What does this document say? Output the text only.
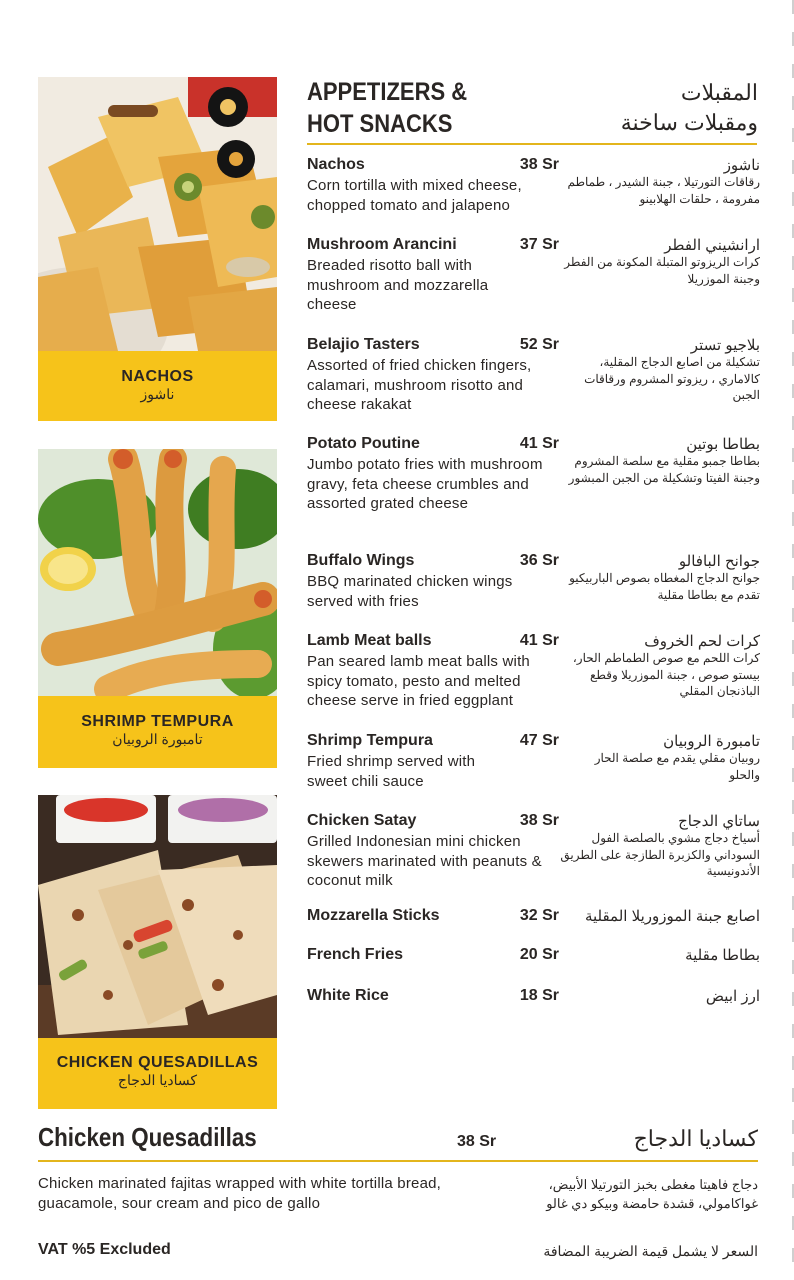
NACHOS
ناشوز
SHRIMP TEMPURA
تامبورة الروبيان
CHICKEN QUESADILLAS
كساديا الدجاج
APPETIZERS &
HOT SNACKS
المقبلات
ومقبلات ساخنة
Nachos	38 Sr
Corn tortilla with mixed cheese, chopped tomato and jalapeno
ناشوز
رقاقات التورتيلا ، جبنة الشيدر ، طماطم مفرومة ، حلقات الهلابينو
Mushroom Arancini	37 Sr
Breaded risotto ball with mushroom and mozzarella cheese
ارانشيني الفطر
كرات الريزوتو المتبلة المكونة من الفطر وجبنة الموزريلا
Belajio Tasters	52 Sr
Assorted of fried chicken fingers, calamari, mushroom risotto and cheese rakakat
بلاجيو تستر
تشكيلة من اصابع الدجاج المقلية، كالاماري ، ريزوتو المشروم ورقاقات الجبن
Potato Poutine	41 Sr
Jumbo potato fries with mushroom gravy, feta cheese crumbles and assorted grated cheese
بطاطا بوتين
بطاطا جمبو مقلية مع سلصة المشروم وجبنة الفيتا وتشكيلة من الجبن المبشور
Buffalo Wings	36 Sr
BBQ marinated chicken wings served with fries
جوانح البافالو
جوانح الدجاج المغطاه بصوص الباربيكيو تقدم مع بطاطا مقلية
Lamb Meat balls	41 Sr
Pan seared lamb meat balls with spicy tomato, pesto and melted cheese serve in fried eggplant
كرات لحم الخروف
كرات اللحم مع صوص الطماطم الحار، بيستو صوص ، جبنة الموزريلا وقطع الباذنجان المقلي
Shrimp Tempura	47 Sr
Fried shrimp served with sweet chili sauce
تامبورة الروبيان
روبيان مقلي يقدم مع صلصة الحار والحلو
Chicken Satay	38 Sr
Grilled Indonesian mini chicken skewers marinated with peanuts & coconut milk
ساتاي الدجاج
أسياخ دجاج مشوي بالصلصة الفول السوداني والكزبرة الطازجة على الطريق الأندونيسية
Mozzarella Sticks	32 Sr	اصابع جبنة الموزوريلا المقلية
French Fries	20 Sr	بطاطا مقلية
White Rice	18 Sr	ارز ابيض
Chicken Quesadillas	38 Sr	كساديا الدجاج
Chicken marinated fajitas wrapped with white tortilla bread, guacamole, sour cream and pico de gallo
دجاج فاهيتا مغطى بخبز التورتيلا الأبيض، غواكامولي، قشدة حامضة وبيكو دي غالو
VAT %5 Excluded	السعر لا يشمل قيمة الضريبة المضافة
